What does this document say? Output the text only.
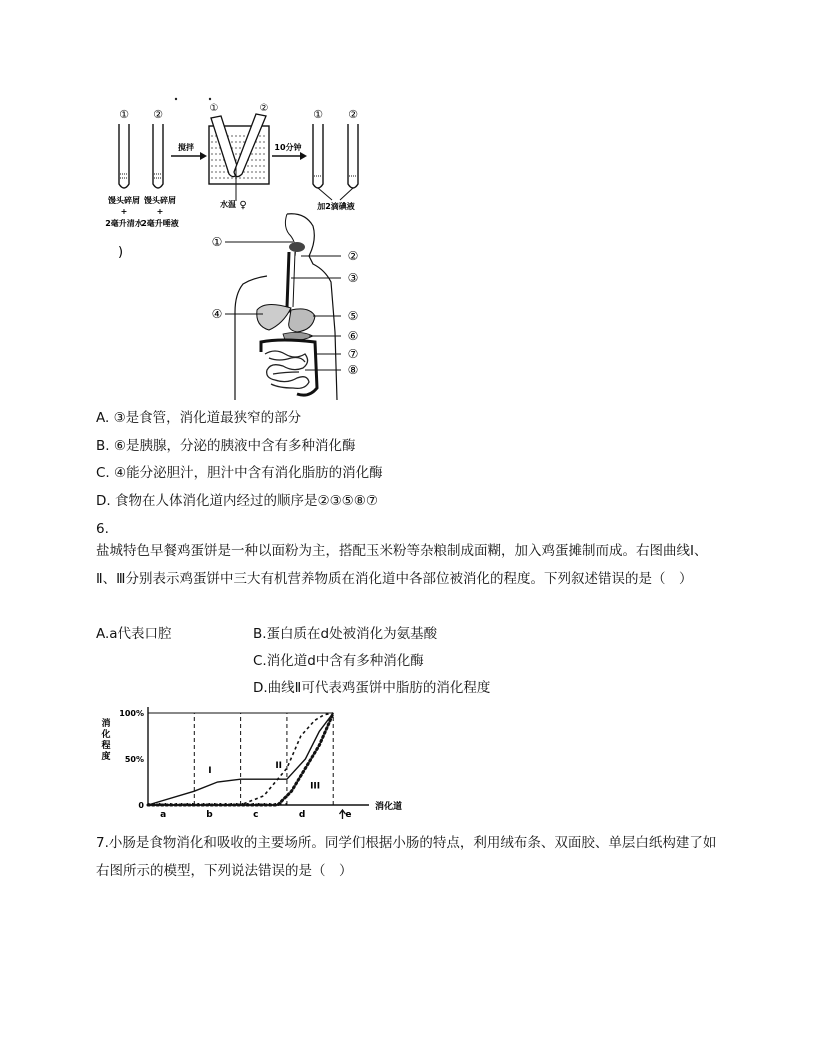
① ②
馒头碎屑
+
2毫升清水
馒头碎屑
+
2毫升唾液
搅拌
①	②
水温 ♀
10分钟
① ②
加2滴碘液
)
①
②
③
④	⑤
⑥
⑦
⑧
A. ③是食管，消化道最狭窄的部分
B. ⑥是胰腺，分泌的胰液中含有多种消化酶
C. ④能分泌胆汁，胆汁中含有消化脂肪的消化酶
D. 食物在人体消化道内经过的顺序是②③⑤⑧⑦
6.
盐城特色早餐鸡蛋饼是一种以面粉为主，搭配玉米粉等杂粮制成面糊，加入鸡蛋摊制而成。右图曲线Ⅰ、Ⅱ、Ⅲ分别表示鸡蛋饼中三大有机营养物质在消化道中各部位被消化的程度。下列叙述错误的是（　）
A.a代表口腔	B.蛋白质在d处被消化为氨基酸
C.消化道d中含有多种消化酶
D.曲线Ⅱ可代表鸡蛋饼中脂肪的消化程度
消
化
程
度
100%
50%
0
a	b	c	d	e
消化道
I	II
III
7.小肠是食物消化和吸收的主要场所。同学们根据小肠的特点，利用绒布条、双面胶、单层白纸构建了如右图所示的模型，下列说法错误的是（　）
